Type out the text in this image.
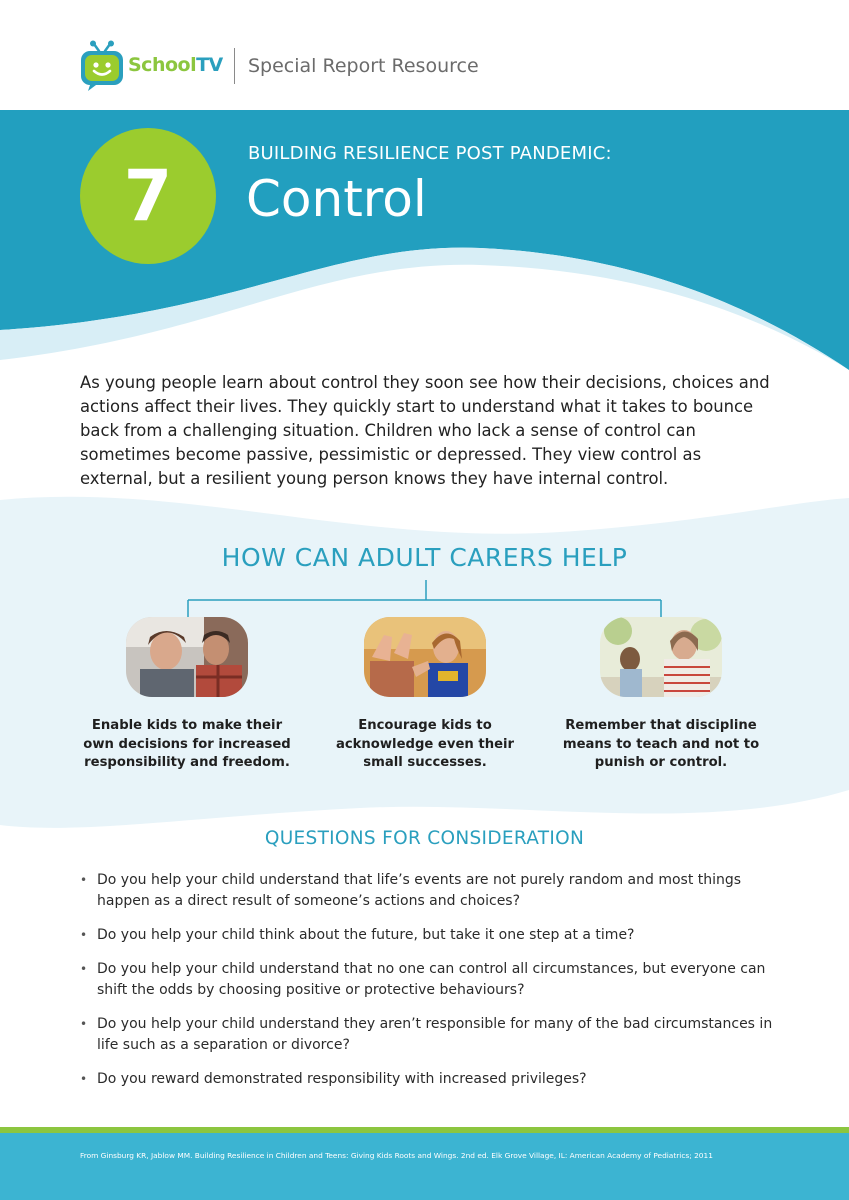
SchoolTV Special Report Resource
7
BUILDING RESILIENCE POST PANDEMIC:
Control
As young people learn about control they soon see how their decisions, choices and actions affect their lives. They quickly start to understand what it takes to bounce back from a challenging situation. Children who lack a sense of control can sometimes become passive, pessimistic or depressed. They view control as external, but a resilient young person knows they have internal control.
HOW CAN ADULT CARERS HELP
Enable kids to make their own decisions for increased responsibility and freedom.
Encourage kids to acknowledge even their small successes.
Remember that discipline means to teach and not to punish or control.
QUESTIONS FOR CONSIDERATION
• Do you help your child understand that life’s events are not purely random and most things happen as a direct result of someone’s actions and choices?
• Do you help your child think about the future, but take it one step at a time?
• Do you help your child understand that no one can control all circumstances, but everyone can shift the odds by choosing positive or protective behaviours?
• Do you help your child understand they aren’t responsible for many of the bad circumstances in life such as a separation or divorce?
• Do you reward demonstrated responsibility with increased privileges?
From Ginsburg KR, Jablow MM. Building Resilience in Children and Teens: Giving Kids Roots and Wings. 2nd ed. Elk Grove Village, IL: American Academy of Pediatrics; 2011
